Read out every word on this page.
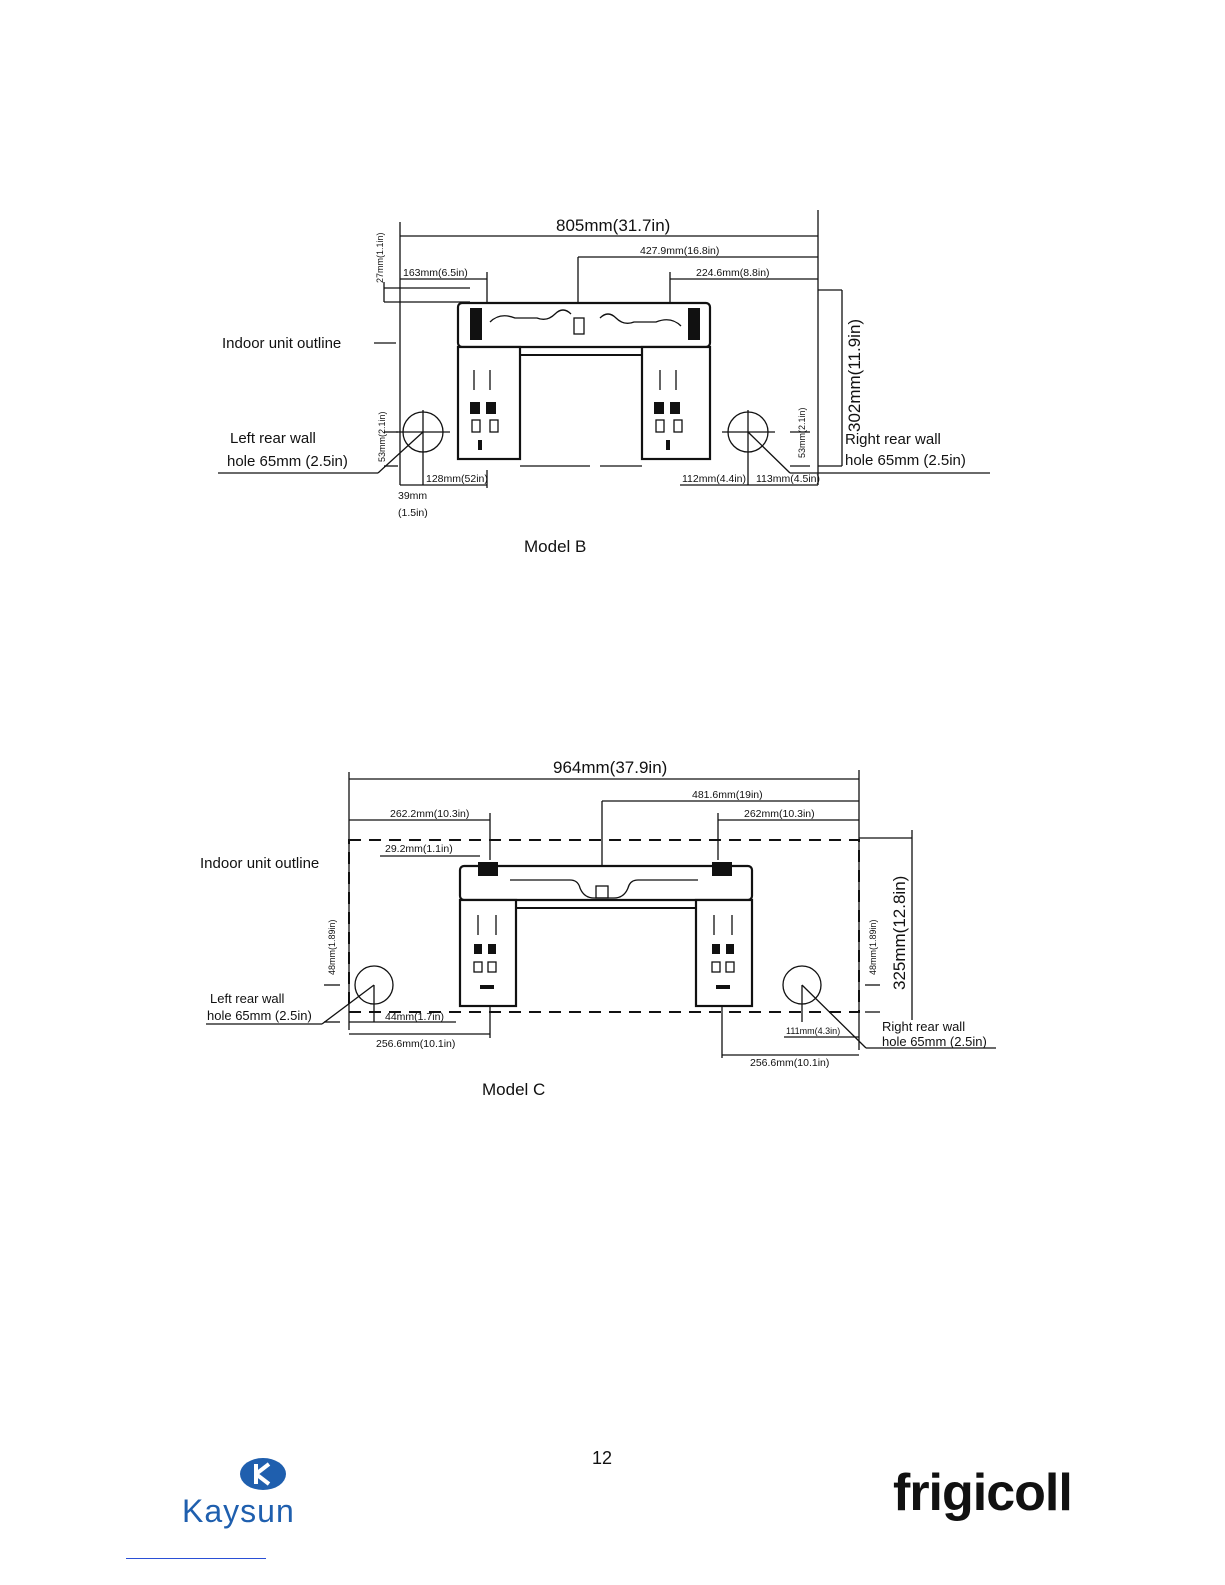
805mm(31.7in)
427.9mm(16.8in)
224.6mm(8.8in)
163mm(6.5in)
27mm(1.1in)
302mm(11.9in)
53mm(2.1in)	53mm(2.1in)
128mm(52in)
39mm
(1.5in)
112mm(4.4in) 113mm(4.5in)
Indoor unit outline
Left rear wall
hole 65mm (2.5in)
Right rear wall
hole 65mm (2.5in)
Model B
964mm(37.9in)
481.6mm(19in)
262.2mm(10.3in)	262mm(10.3in)
29.2mm(1.1in)
325mm(12.8in)
48mm(1.89in)	48mm(1.89in)
44mm(1.7in)
256.6mm(10.1in)
256.6mm(10.1in)
111mm(4.3in)
Indoor unit outline
Left rear wall
hole 65mm (2.5in)
Right rear wall
hole 65mm (2.5in)
Model C
Kaysun	frigicoll
12
